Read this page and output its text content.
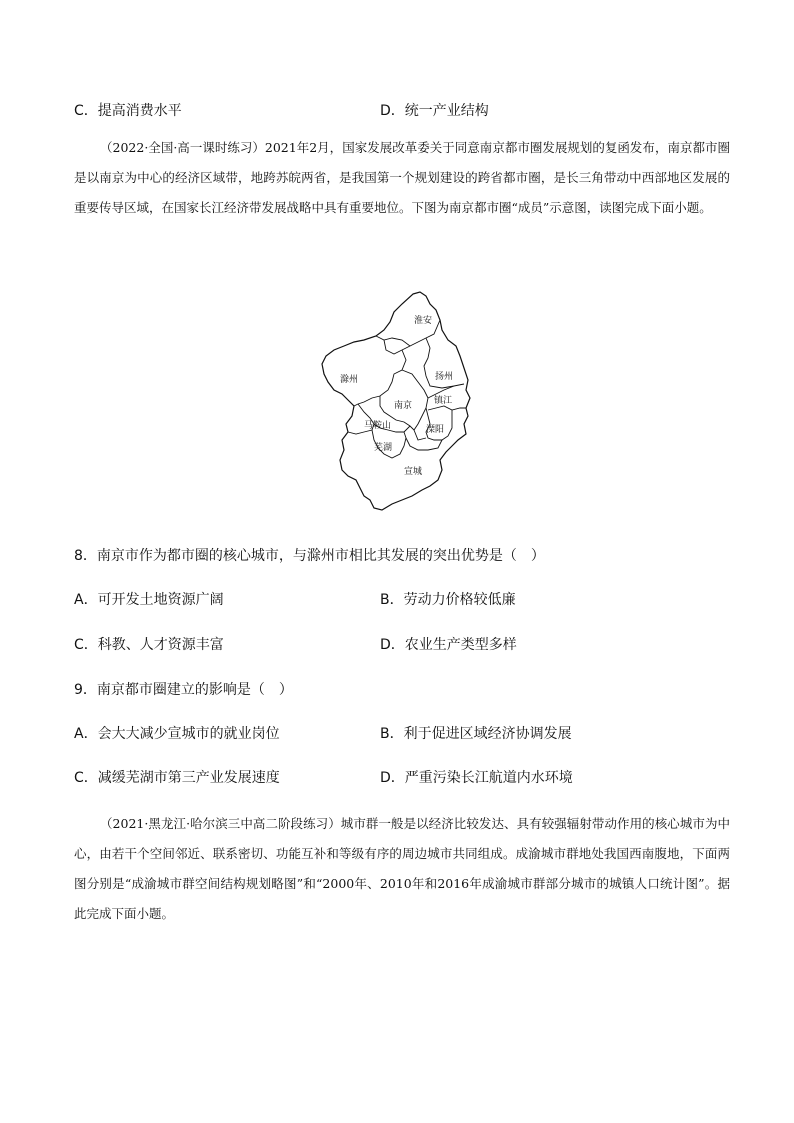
C．提高消费水平	D．统一产业结构

（2022·全国·高一课时练习）2021年2月，国家发展改革委关于同意南京都市圈发展规划的复函发布，南京都市圈是以南京为中心的经济区域带，地跨苏皖两省，是我国第一个规划建设的跨省都市圈，是长三角带动中西部地区发展的重要传导区域，在国家长江经济带发展战略中具有重要地位。下图为南京都市圈“成员”示意图，读图完成下面小题。

淮安
滁州	扬州
南京 镇江
马鞍山	溧阳
芜湖
宣城
8．南京市作为都市圈的核心城市，与滁州市相比其发展的突出优势是（　）
A．可开发土地资源广阔	B．劳动力价格较低廉
C．科教、人才资源丰富	D．农业生产类型多样
9．南京都市圈建立的影响是（　）
A．会大大减少宣城市的就业岗位	B．利于促进区域经济协调发展
C．减缓芜湖市第三产业发展速度	D．严重污染长江航道内水环境

（2021·黑龙江·哈尔滨三中高二阶段练习）城市群一般是以经济比较发达、具有较强辐射带动作用的核心城市为中心，由若干个空间邻近、联系密切、功能互补和等级有序的周边城市共同组成。成渝城市群地处我国西南腹地，下面两图分别是“成渝城市群空间结构规划略图”和“2000年、2010年和2016年成渝城市群部分城市的城镇人口统计图”。据此完成下面小题。
